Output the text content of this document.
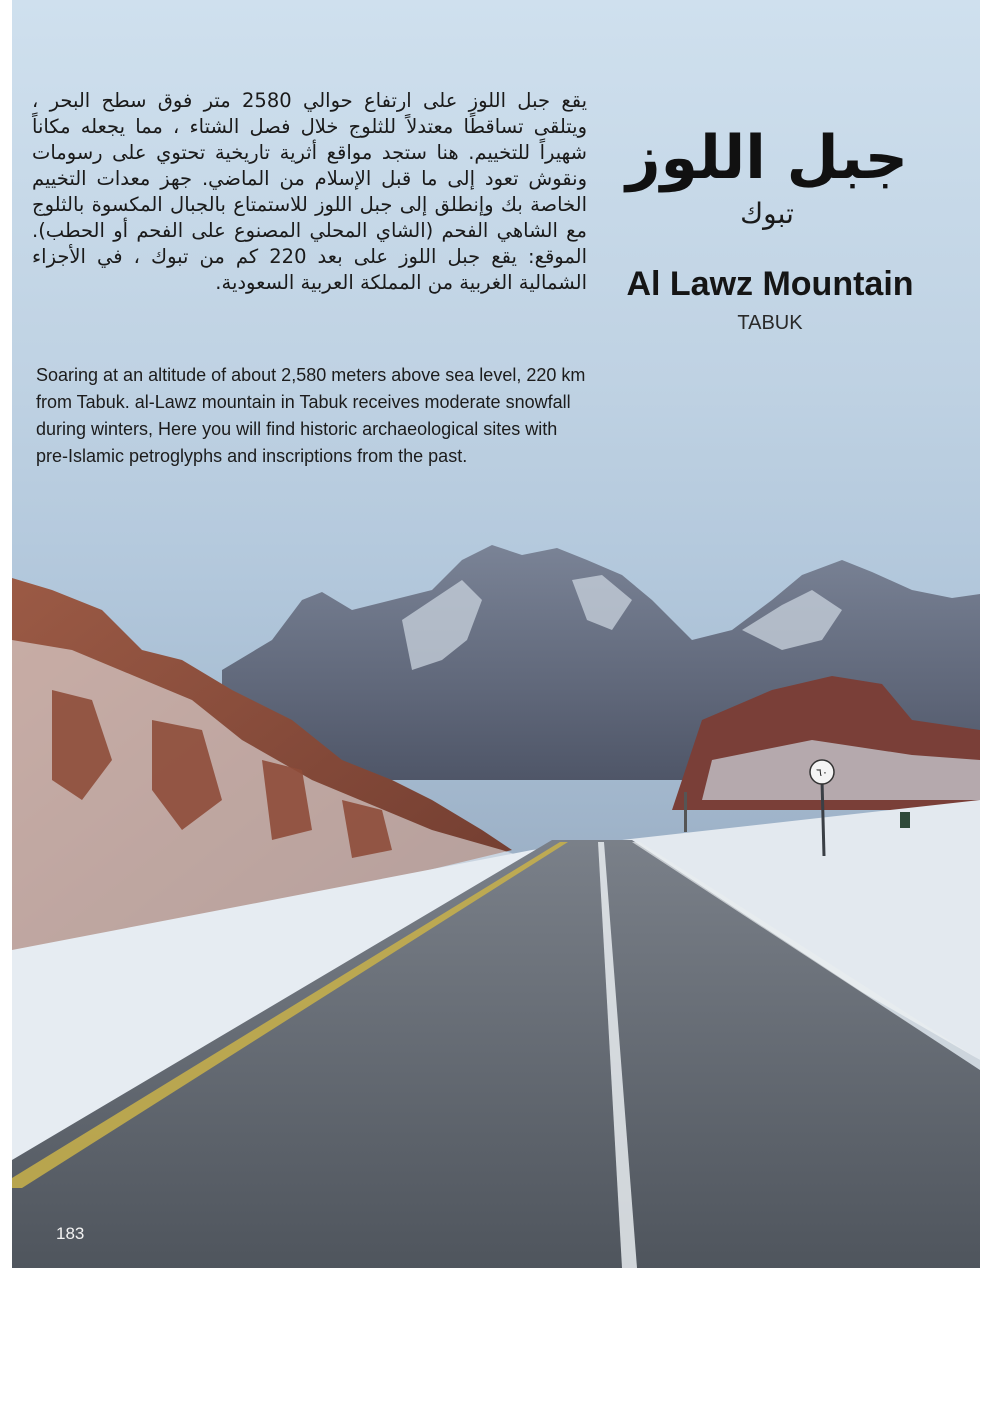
٦٠

يقع جبل اللوز على ارتفاع حوالي 2580 متر فوق سطح البحر ، ويتلقى تساقطًا معتدلاً للثلوج خلال فصل الشتاء ، مما يجعله مكاناً شهيراً للتخييم. هنا ستجد مواقع أثرية تاريخية تحتوي على رسومات ونقوش تعود إلى ما قبل الإسلام من الماضي. جهز معدات التخييم الخاصة بك وإنطلق إلى جبل اللوز للاستمتاع بالجبال المكسوة بالثلوج مع الشاهي الفحم (الشاي المحلي المصنوع على الفحم أو الحطب). الموقع: يقع جبل اللوز على بعد 220 كم من تبوك ، في الأجزاء الشمالية الغربية من المملكة العربية السعودية.

جبل اللوز
تبوك
Al Lawz Mountain
TABUK

Soaring at an altitude of about 2,580 meters above sea level, 220 km from Tabuk. al-Lawz mountain in Tabuk receives moderate snowfall during winters, Here you will find historic archaeological sites with pre-Islamic petroglyphs and inscriptions from the past.

183
